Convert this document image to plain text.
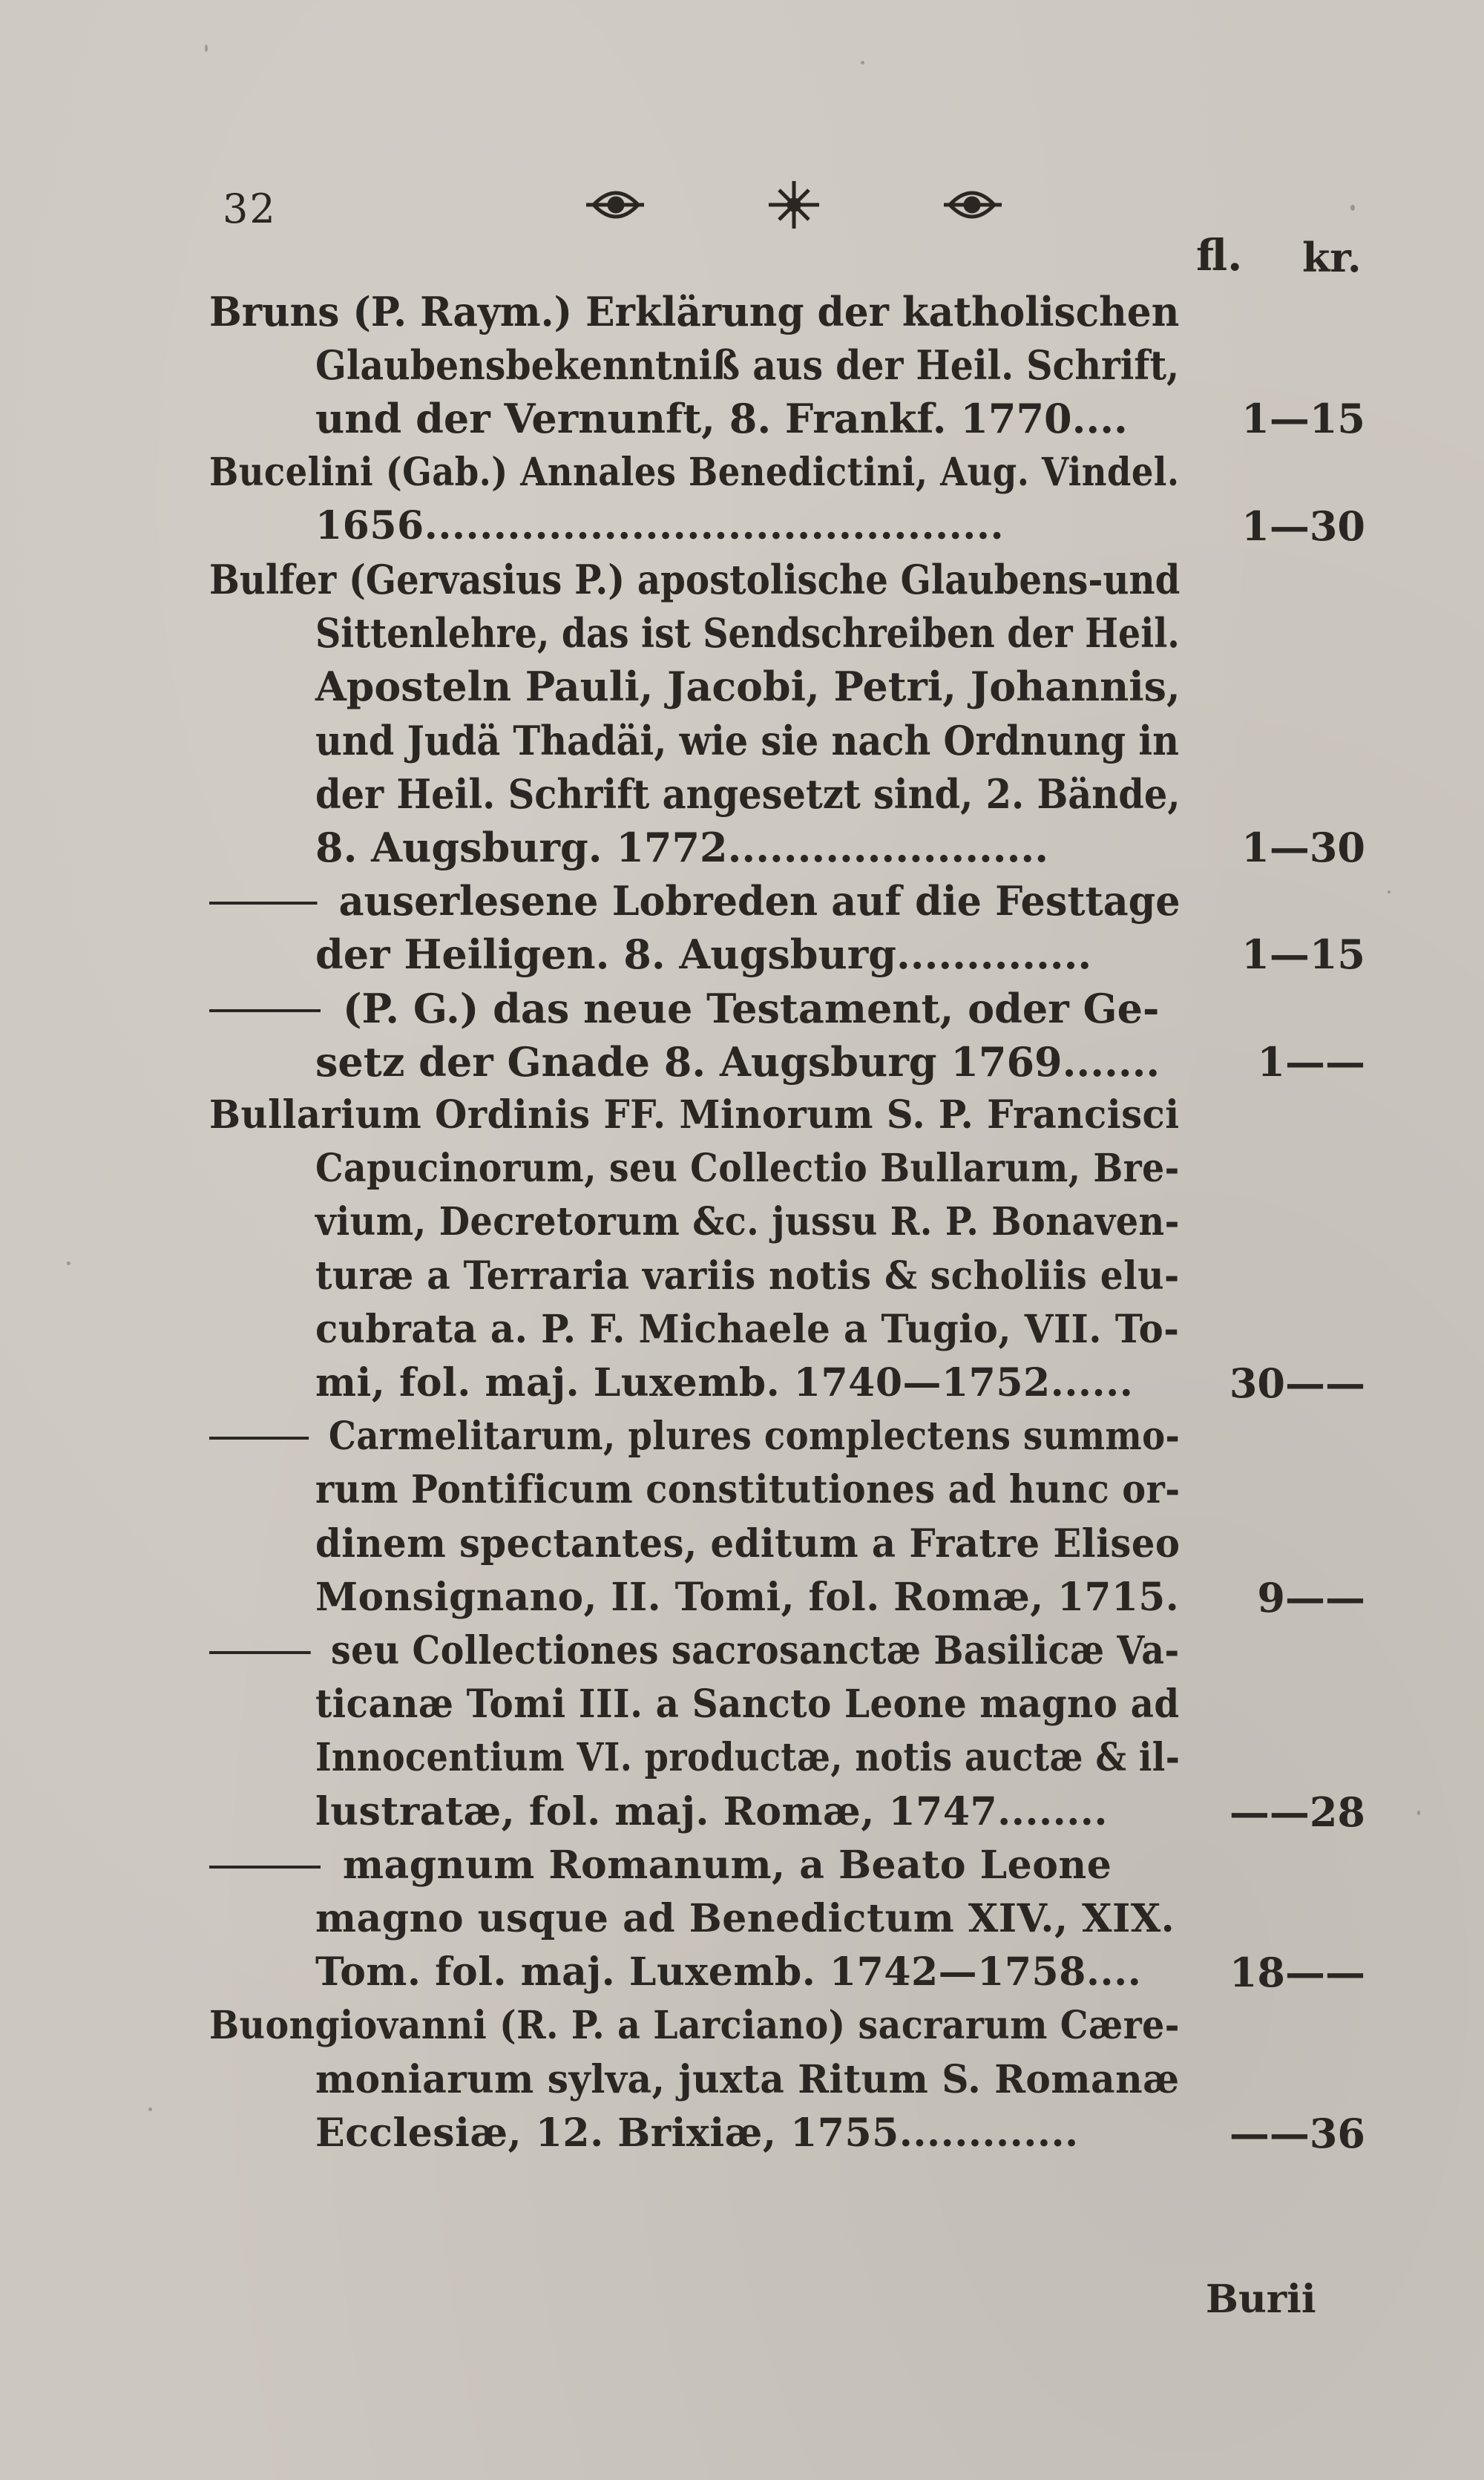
32
fl. kr.
Bruns (P. Raym.) Erklärung der katholischen
Glaubensbekenntniß aus der Heil. Schrift,
und der Vernunft, 8. Frankf. 1770....	1—15
Bucelini (Gab.) Annales Benedictini, Aug. Vindel.
1656..........................................	1—30
Bulfer (Gervasius P.) apostolische Glaubens-und
Sittenlehre, das ist Sendschreiben der Heil.
Aposteln Pauli, Jacobi, Petri, Johannis,
und Judä Thadäi, wie sie nach Ordnung in
der Heil. Schrift angesetzt sind, 2. Bände,
8. Augsburg. 1772.......................	1—30
auserlesene Lobreden auf die Festtage
der Heiligen. 8. Augsburg..............	1—15
(P. G.) das neue Testament, oder Ge-
setz der Gnade 8. Augsburg 1769.......	1——
Bullarium Ordinis FF. Minorum S. P. Francisci
Capucinorum, seu Collectio Bullarum, Bre-
vium, Decretorum &c. jussu R. P. Bonaven-
turæ a Terraria variis notis & scholiis elu-
cubrata a. P. F. Michaele a Tugio, VII. To-
mi, fol. maj. Luxemb. 1740—1752......	30——
Carmelitarum, plures complectens summo-
rum Pontificum constitutiones ad hunc or-
dinem spectantes, editum a Fratre Eliseo
Monsignano, II. Tomi, fol. Romæ, 1715.	9——
seu Collectiones sacrosanctæ Basilicæ Va-
ticanæ Tomi III. a Sancto Leone magno ad
Innocentium VI. productæ, notis auctæ & il-
lustratæ, fol. maj. Romæ, 1747........	——28
magnum Romanum, a Beato Leone
magno usque ad Benedictum XIV., XIX.
Tom. fol. maj. Luxemb. 1742—1758....	18——
Buongiovanni (R. P. a Larciano) sacrarum Cære-
moniarum sylva, juxta Ritum S. Romanæ
Ecclesiæ, 12. Brixiæ, 1755.............	——36
Burii
